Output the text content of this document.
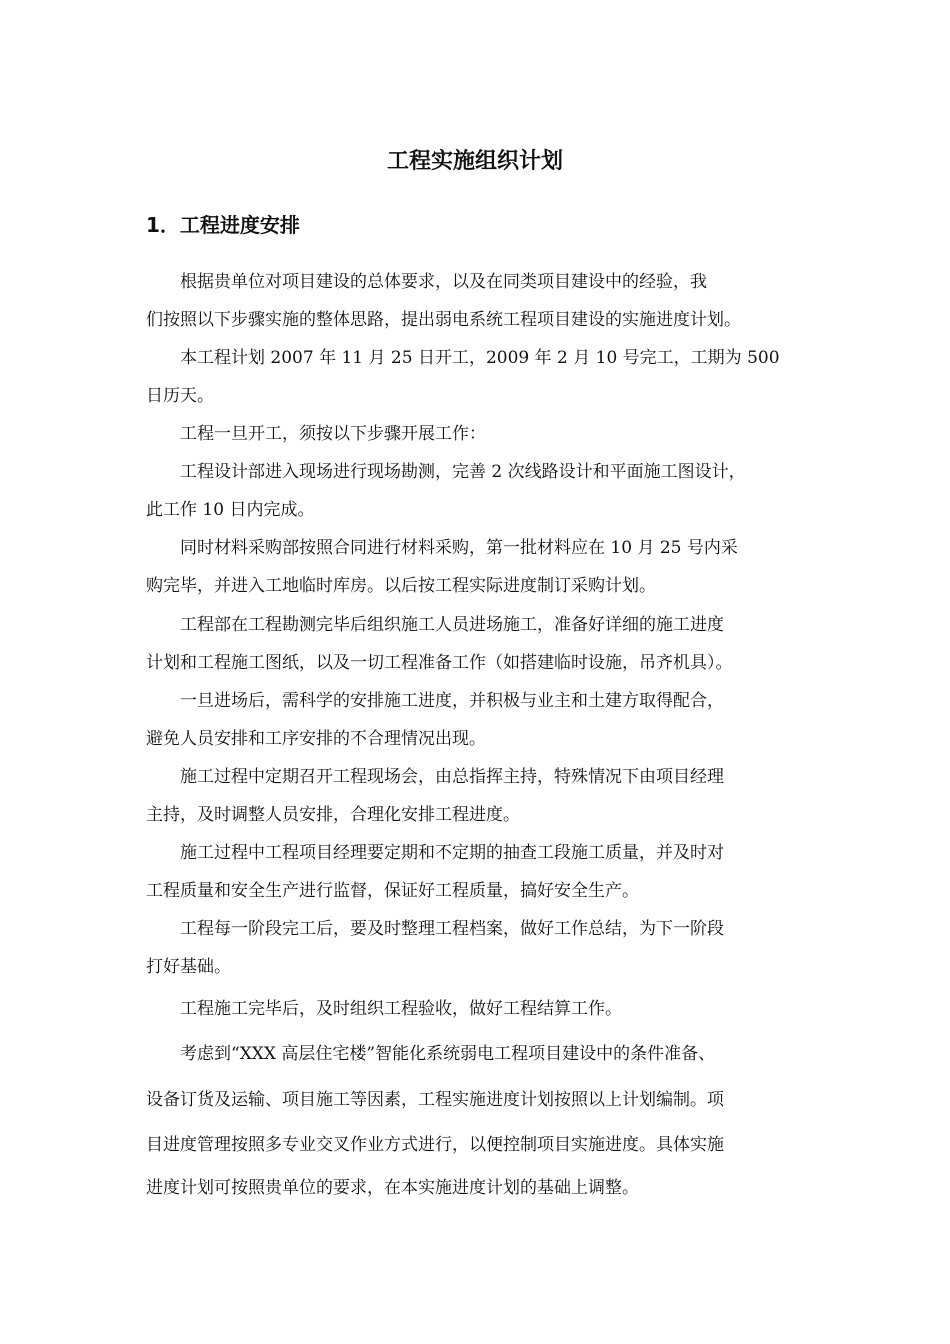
工程实施组织计划
1．工程进度安排

　　根据贵单位对项目建设的总体要求，以及在同类项目建设中的经验，我

们按照以下步骤实施的整体思路，提出弱电系统工程项目建设的实施进度计划。

　　本工程计划 2007 年 11 月 25 日开工，2009 年 2 月 10 号完工，工期为 500

日历天。

　　工程一旦开工，须按以下步骤开展工作：

　　工程设计部进入现场进行现场勘测，完善 2 次线路设计和平面施工图设计，

此工作 10 日内完成。

　　同时材料采购部按照合同进行材料采购，第一批材料应在 10 月 25 号内采

购完毕，并进入工地临时库房。以后按工程实际进度制订采购计划。

　　工程部在工程勘测完毕后组织施工人员进场施工，准备好详细的施工进度

计划和工程施工图纸，以及一切工程准备工作（如搭建临时设施，吊齐机具）。

　　一旦进场后，需科学的安排施工进度，并积极与业主和土建方取得配合，

避免人员安排和工序安排的不合理情况出现。

　　施工过程中定期召开工程现场会，由总指挥主持，特殊情况下由项目经理

主持，及时调整人员安排，合理化安排工程进度。

　　施工过程中工程项目经理要定期和不定期的抽查工段施工质量，并及时对

工程质量和安全生产进行监督，保证好工程质量，搞好安全生产。

　　工程每一阶段完工后，要及时整理工程档案，做好工作总结，为下一阶段

打好基础。

　　工程施工完毕后，及时组织工程验收，做好工程结算工作。

　　考虑到“XXX 高层住宅楼”智能化系统弱电工程项目建设中的条件准备、

设备订货及运输、项目施工等因素，工程实施进度计划按照以上计划编制。项

目进度管理按照多专业交叉作业方式进行，以便控制项目实施进度。具体实施

进度计划可按照贵单位的要求，在本实施进度计划的基础上调整。
